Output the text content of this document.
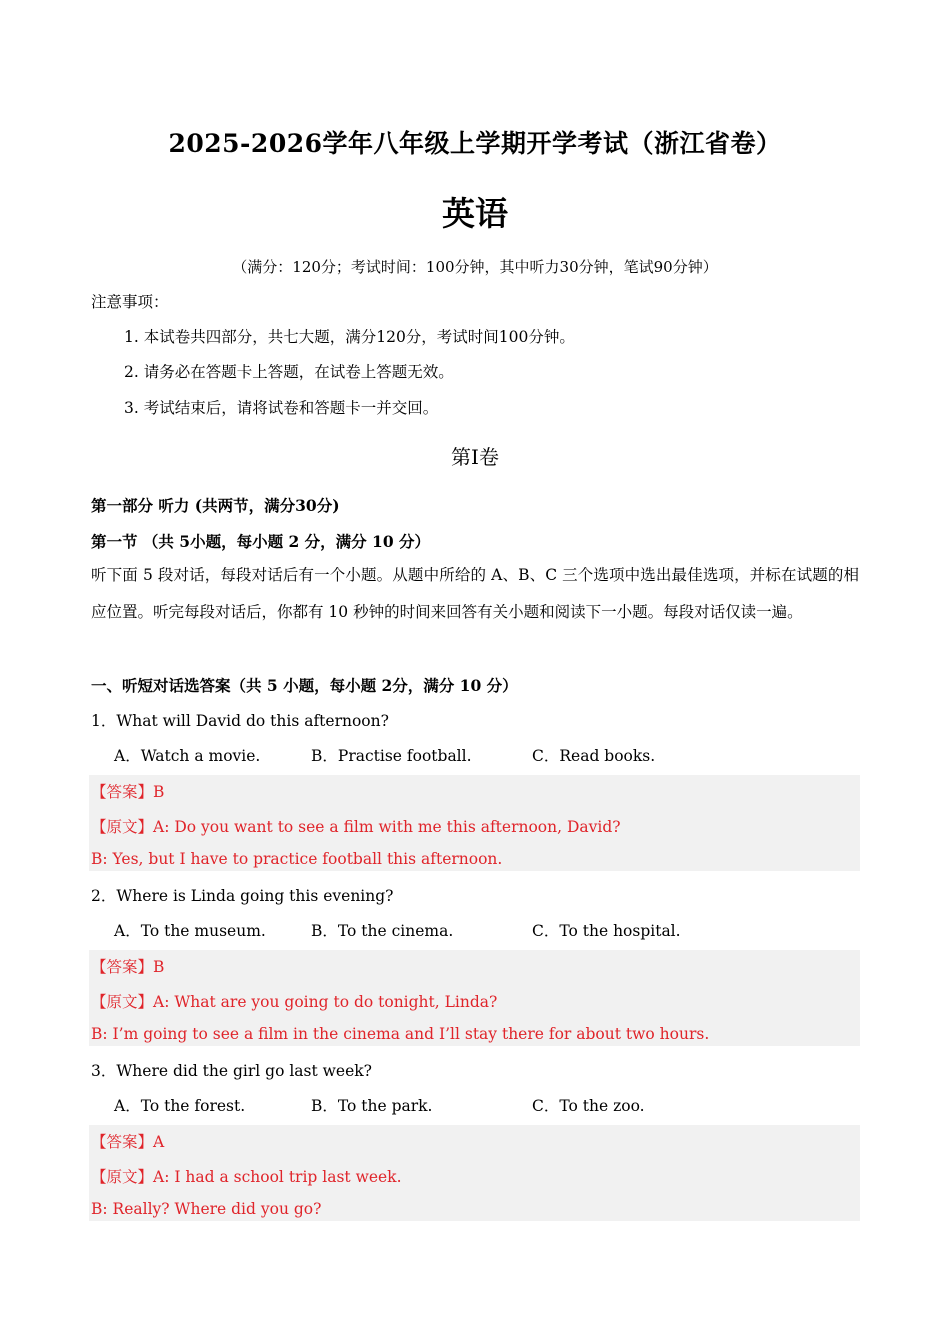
2025-2026学年八年级上学期开学考试（浙江省卷）
英语
（满分：120分；考试时间：100分钟，其中听力30分钟，笔试90分钟）
注意事项：
1. 本试卷共四部分，共七大题，满分120分，考试时间100分钟。
2. 请务必在答题卡上答题，在试卷上答题无效。
3. 考试结束后，请将试卷和答题卡一并交回。
第I卷
第一部分 听力 (共两节，满分30分)
第一节 （共 5小题，每小题 2 分，满分 10 分）
听下面 5 段对话，每段对话后有一个小题。从题中所给的 A、B、C 三个选项中选出最佳选项，并标在试题的相应位置。听完每段对话后，你都有 10 秒钟的时间来回答有关小题和阅读下一小题。每段对话仅读一遍。
一、听短对话选答案（共 5 小题，每小题 2分，满分 10 分）
1．What will David do this afternoon?
A．Watch a movie.	B．Practise football.	C．Read books.
【答案】B
【原文】A: Do you want to see a film with me this afternoon, David?
B: Yes, but I have to practice football this afternoon.
2．Where is Linda going this evening?
A．To the museum.	B．To the cinema.	C．To the hospital.
【答案】B
【原文】A: What are you going to do tonight, Linda?
B: I’m going to see a film in the cinema and I’ll stay there for about two hours.
3．Where did the girl go last week?
A．To the forest.	B．To the park.	C．To the zoo.
【答案】A
【原文】A: I had a school trip last week.
B: Really? Where did you go?
